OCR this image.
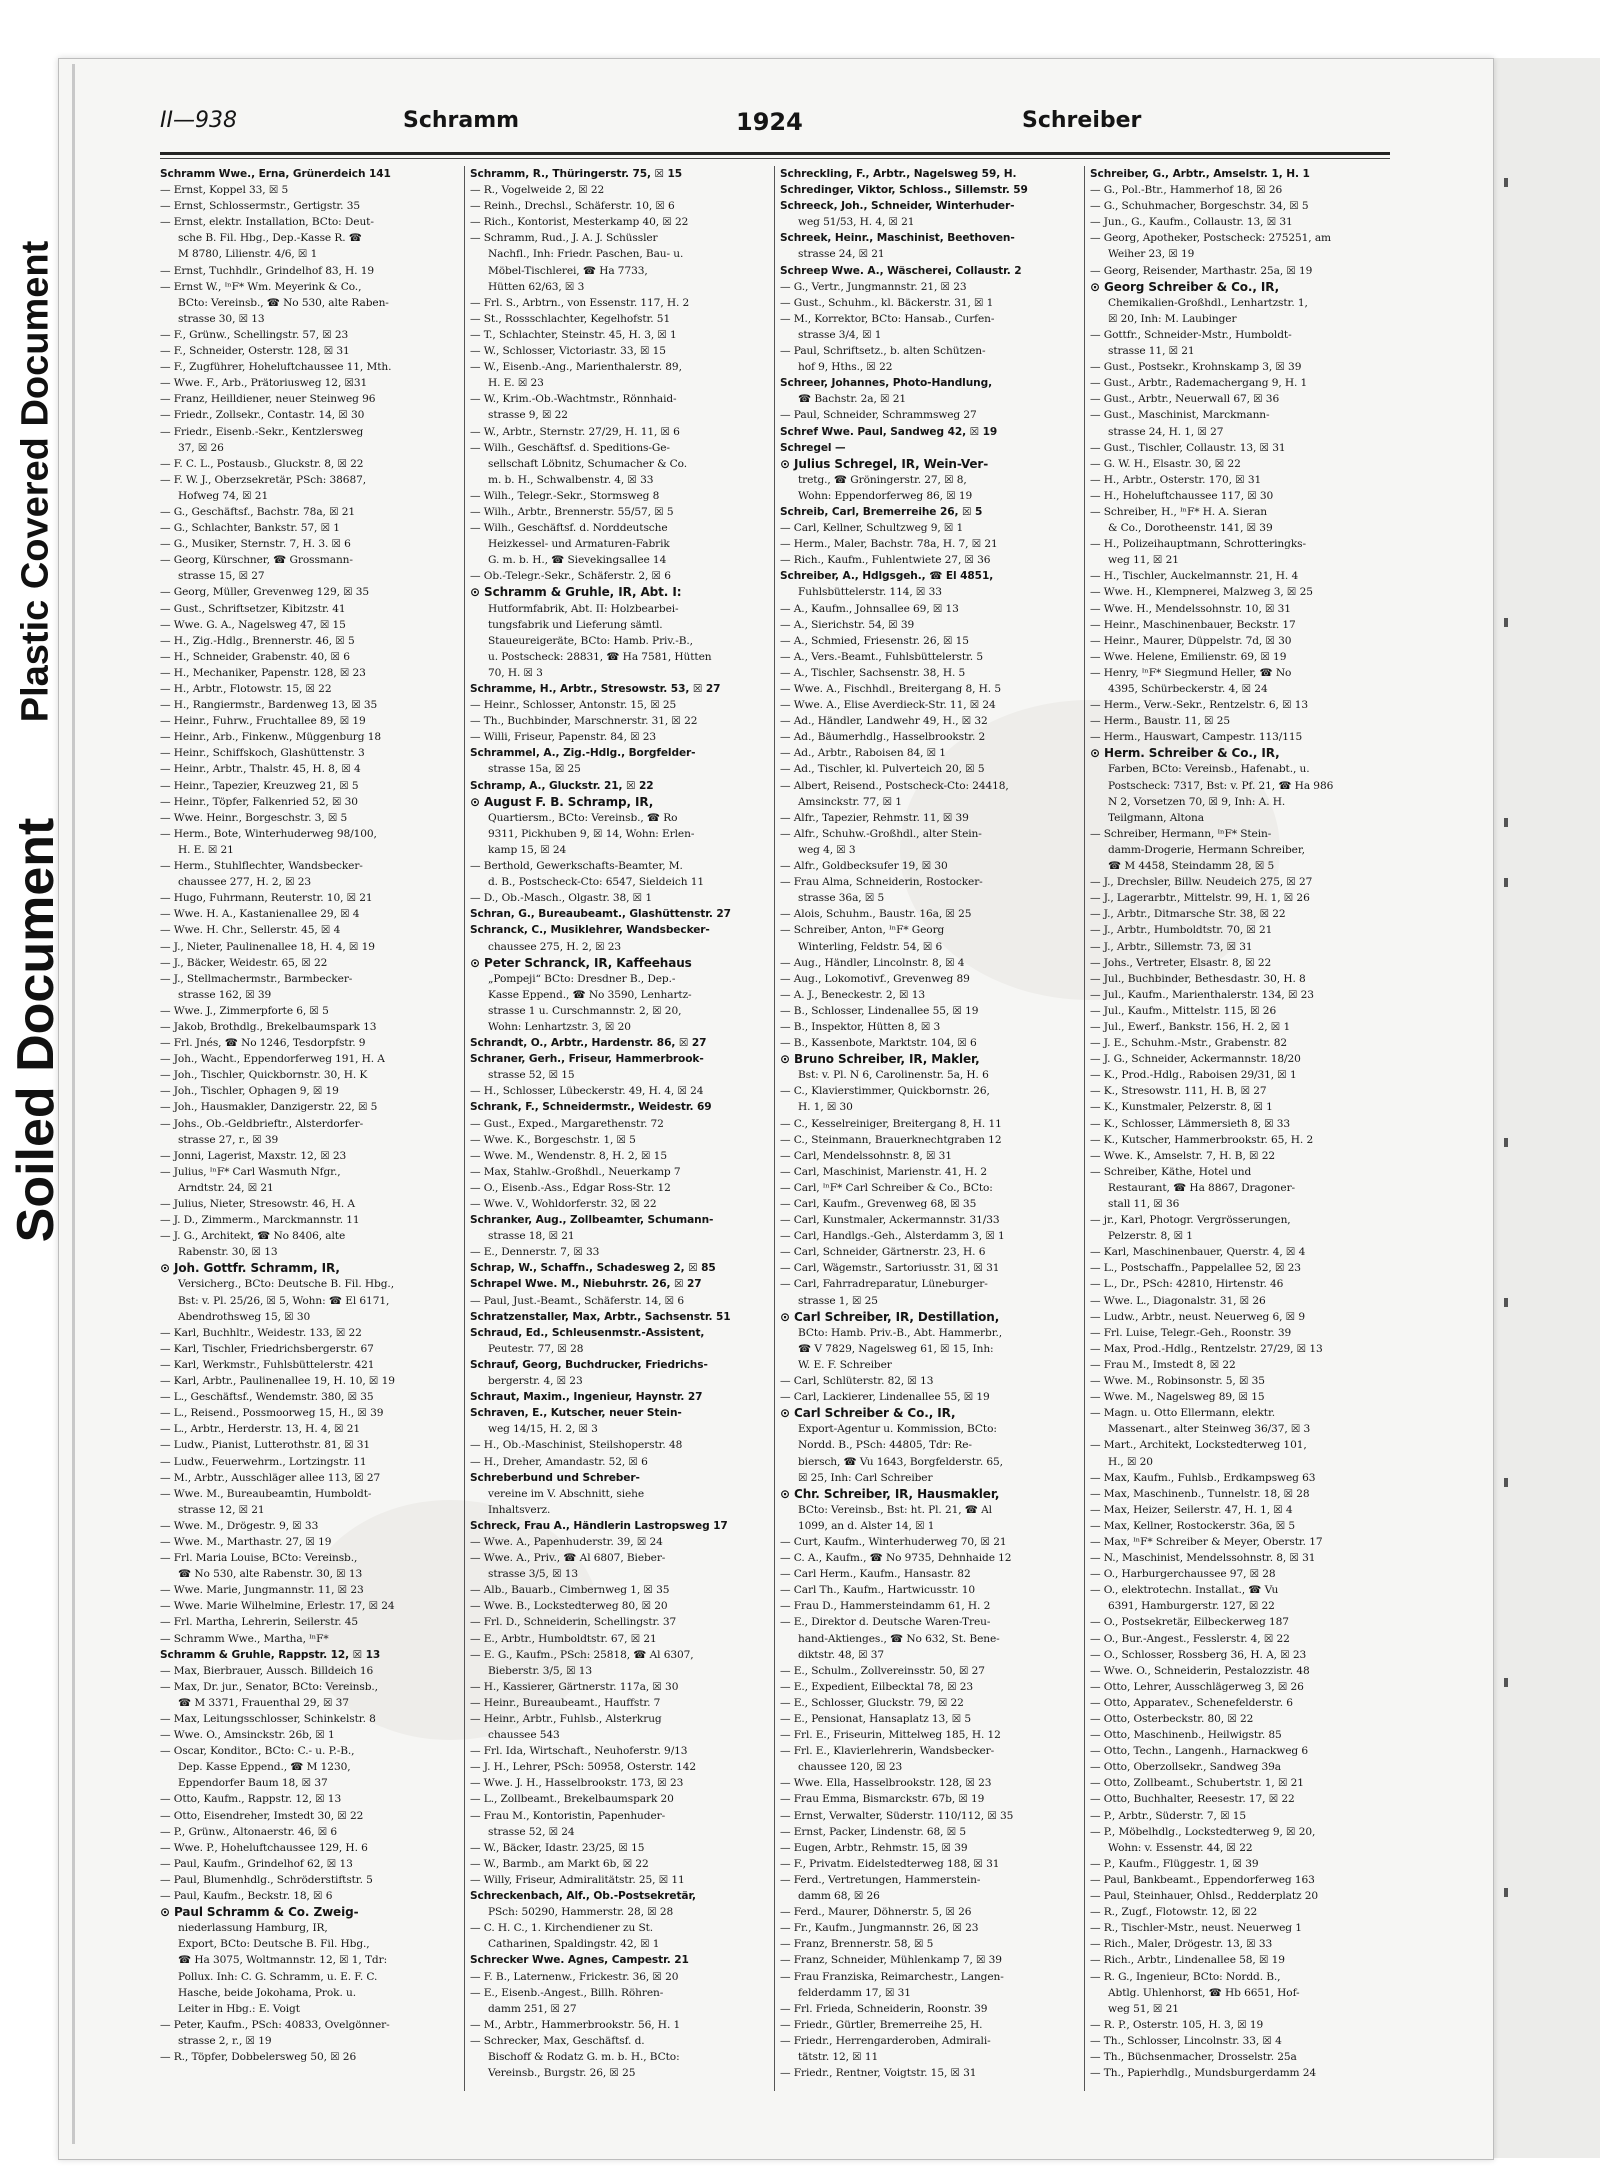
Plastic Covered Document
Soiled Document
II—938	Schramm	1924	Schreiber
Schramm Wwe., Erna, Grünerdeich 141
— Ernst, Koppel 33, ☒ 5
— Ernst, Schlossermstr., Gertigstr. 35
— Ernst, elektr. Installation, BCto: Deut-
sche B. Fil. Hbg., Dep.-Kasse R. ☎
M 8780, Lilienstr. 4/6, ☒ 1
— Ernst, Tuchhdlr., Grindelhof 83, H. 19
— Ernst W., ᴵⁿF* Wm. Meyerink & Co.,
BCto: Vereinsb., ☎ No 530, alte Raben-
strasse 30, ☒ 13
— F., Grünw., Schellingstr. 57, ☒ 23
— F., Schneider, Osterstr. 128, ☒ 31
— F., Zugführer, Hoheluftchaussee 11, Mth.
— Wwe. F., Arb., Prätoriusweg 12, ☒31
— Franz, Heilldiener, neuer Steinweg 96
— Friedr., Zollsekr., Contastr. 14, ☒ 30
— Friedr., Eisenb.-Sekr., Kentzlersweg
37, ☒ 26
— F. C. L., Postausb., Gluckstr. 8, ☒ 22
— F. W. J., Oberzsekretär, PSch: 38687,
Hofweg 74, ☒ 21
— G., Geschäftsf., Bachstr. 78a, ☒ 21
— G., Schlachter, Bankstr. 57, ☒ 1
— G., Musiker, Sternstr. 7, H. 3. ☒ 6
— Georg, Kürschner, ☎ Grossmann-
strasse 15, ☒ 27
— Georg, Müller, Grevenweg 129, ☒ 35
— Gust., Schriftsetzer, Kibitzstr. 41
— Wwe. G. A., Nagelsweg 47, ☒ 15
— H., Zig.-Hdlg., Brennerstr. 46, ☒ 5
— H., Schneider, Grabenstr. 40, ☒ 6
— H., Mechaniker, Papenstr. 128, ☒ 23
— H., Arbtr., Flotowstr. 15, ☒ 22
— H., Rangiermstr., Bardenweg 13, ☒ 35
— Heinr., Fuhrw., Fruchtallee 89, ☒ 19
— Heinr., Arb., Finkenw., Müggenburg 18
— Heinr., Schiffskoch, Glashüttenstr. 3
— Heinr., Arbtr., Thalstr. 45, H. 8, ☒ 4
— Heinr., Tapezier, Kreuzweg 21, ☒ 5
— Heinr., Töpfer, Falkenried 52, ☒ 30
— Wwe. Heinr., Borgeschstr. 3, ☒ 5
— Herm., Bote, Winterhuderweg 98/100,
H. E. ☒ 21
— Herm., Stuhlflechter, Wandsbecker-
chaussee 277, H. 2, ☒ 23
— Hugo, Fuhrmann, Reuterstr. 10, ☒ 21
— Wwe. H. A., Kastanienallee 29, ☒ 4
— Wwe. H. Chr., Sellerstr. 45, ☒ 4
— J., Nieter, Paulinenallee 18, H. 4, ☒ 19
— J., Bäcker, Weidestr. 65, ☒ 22
— J., Stellmachermstr., Barmbecker-
strasse 162, ☒ 39
— Wwe. J., Zimmerpforte 6, ☒ 5
— Jakob, Brothdlg., Brekelbaumspark 13
— Frl. Jnés, ☎ No 1246, Tesdorpfstr. 9
— Joh., Wacht., Eppendorferweg 191, H. A
— Joh., Tischler, Quickbornstr. 30, H. K
— Joh., Tischler, Ophagen 9, ☒ 19
— Joh., Hausmakler, Danzigerstr. 22, ☒ 5
— Johs., Ob.-Geldbrieftr., Alsterdorfer-
strasse 27, r., ☒ 39
— Jonni, Lagerist, Maxstr. 12, ☒ 23
— Julius, ᴵⁿF* Carl Wasmuth Nfgr.,
Arndtstr. 24, ☒ 21
— Julius, Nieter, Stresowstr. 46, H. A
— J. D., Zimmerm., Marckmannstr. 11
— J. G., Architekt, ☎ No 8406, alte
Rabenstr. 30, ☒ 13
⊙ Joh. Gottfr. Schramm, IR,
Versicherg., BCto: Deutsche B. Fil. Hbg.,
Bst: v. Pl. 25/26, ☒ 5, Wohn: ☎ El 6171,
Abendrothsweg 15, ☒ 30
— Karl, Buchhltr., Weidestr. 133, ☒ 22
— Karl, Tischler, Friedrichsbergerstr. 67
— Karl, Werkmstr., Fuhlsbüttelerstr. 421
— Karl, Arbtr., Paulinenallee 19, H. 10, ☒ 19
— L., Geschäftsf., Wendemstr. 380, ☒ 35
— L., Reisend., Possmoorweg 15, H., ☒ 39
— L., Arbtr., Herderstr. 13, H. 4, ☒ 21
— Ludw., Pianist, Lutterothstr. 81, ☒ 31
— Ludw., Feuerwehrm., Lortzingstr. 11
— M., Arbtr., Ausschläger allee 113, ☒ 27
— Wwe. M., Bureaubeamtin, Humboldt-
strasse 12, ☒ 21
— Wwe. M., Drögestr. 9, ☒ 33
— Wwe. M., Marthastr. 27, ☒ 19
— Frl. Maria Louise, BCto: Vereinsb.,
☎ No 530, alte Rabenstr. 30, ☒ 13
— Wwe. Marie, Jungmannstr. 11, ☒ 23
— Wwe. Marie Wilhelmine, Erlestr. 17, ☒ 24
— Frl. Martha, Lehrerin, Seilerstr. 45
— Schramm Wwe., Martha, ᴵⁿF*
Schramm & Gruhle, Rappstr. 12, ☒ 13
— Max, Bierbrauer, Aussch. Billdeich 16
— Max, Dr. jur., Senator, BCto: Vereinsb.,
☎ M 3371, Frauenthal 29, ☒ 37
— Max, Leitungsschlosser, Schinkelstr. 8
— Wwe. O., Amsinckstr. 26b, ☒ 1
— Oscar, Konditor., BCto: C.- u. P.-B.,
Dep. Kasse Eppend., ☎ M 1230,
Eppendorfer Baum 18, ☒ 37
— Otto, Kaufm., Rappstr. 12, ☒ 13
— Otto, Eisendreher, Imstedt 30, ☒ 22
— P., Grünw., Altonaerstr. 46, ☒ 6
— Wwe. P., Hoheluftchaussee 129, H. 6
— Paul, Kaufm., Grindelhof 62, ☒ 13
— Paul, Blumenhdlg., Schröderstiftstr. 5
— Paul, Kaufm., Beckstr. 18, ☒ 6
⊙ Paul Schramm & Co. Zweig-
niederlassung Hamburg, IR,
Export, BCto: Deutsche B. Fil. Hbg.,
☎ Ha 3075, Woltmannstr. 12, ☒ 1, Tdr:
Pollux. Inh: C. G. Schramm, u. E. F. C.
Hasche, beide Jokohama, Prok. u.
Leiter in Hbg.: E. Voigt
— Peter, Kaufm., PSch: 40833, Ovelgönner-
strasse 2, r., ☒ 19
— R., Töpfer, Dobbelersweg 50, ☒ 26
Schramm, R., Thüringerstr. 75, ☒ 15
— R., Vogelweide 2, ☒ 22
— Reinh., Drechsl., Schäferstr. 10, ☒ 6
— Rich., Kontorist, Mesterkamp 40, ☒ 22
— Schramm, Rud., J. A. J. Schüssler
Nachfl., Inh: Friedr. Paschen, Bau- u.
Möbel-Tischlerei, ☎ Ha 7733,
Hütten 62/63, ☒ 3
— Frl. S., Arbtrn., von Essenstr. 117, H. 2
— St., Rossschlachter, Kegelhofstr. 51
— T., Schlachter, Steinstr. 45, H. 3, ☒ 1
— W., Schlosser, Victoriastr. 33, ☒ 15
— W., Eisenb.-Ang., Marienthalerstr. 89,
H. E. ☒ 23
— W., Krim.-Ob.-Wachtmstr., Rönnhaid-
strasse 9, ☒ 22
— W., Arbtr., Sternstr. 27/29, H. 11, ☒ 6
— Wilh., Geschäftsf. d. Speditions-Ge-
sellschaft Löbnitz, Schumacher & Co.
m. b. H., Schwalbenstr. 4, ☒ 33
— Wilh., Telegr.-Sekr., Stormsweg 8
— Wilh., Arbtr., Brennerstr. 55/57, ☒ 5
— Wilh., Geschäftsf. d. Norddeutsche
Heizkessel- und Armaturen-Fabrik
G. m. b. H., ☎ Sievekingsallee 14
— Ob.-Telegr.-Sekr., Schäferstr. 2, ☒ 6
⊙ Schramm & Gruhle, IR, Abt. I:
Hutformfabrik, Abt. II: Holzbearbei-
tungsfabrik und Lieferung sämtl.
Staueureigeräte, BCto: Hamb. Priv.-B.,
u. Postscheck: 28831, ☎ Ha 7581, Hütten
70, H. ☒ 3
Schramme, H., Arbtr., Stresowstr. 53, ☒ 27
— Heinr., Schlosser, Antonstr. 15, ☒ 25
— Th., Buchbinder, Marschnerstr. 31, ☒ 22
— Willi, Friseur, Papenstr. 84, ☒ 23
Schrammel, A., Zig.-Hdlg., Borgfelder-
strasse 15a, ☒ 25
Schramp, A., Gluckstr. 21, ☒ 22
⊙ August F. B. Schramp, IR,
Quartiersm., BCto: Vereinsb., ☎ Ro
9311, Pickhuben 9, ☒ 14, Wohn: Erlen-
kamp 15, ☒ 24
— Berthold, Gewerkschafts-Beamter, M.
d. B., Postscheck-Cto: 6547, Sieldeich 11
— D., Ob.-Masch., Olgastr. 38, ☒ 1
Schran, G., Bureaubeamt., Glashüttenstr. 27
Schranck, C., Musiklehrer, Wandsbecker-
chaussee 275, H. 2, ☒ 23
⊙ Peter Schranck, IR, Kaffeehaus
„Pompeji“ BCto: Dresdner B., Dep.-
Kasse Eppend., ☎ No 3590, Lenhartz-
strasse 1 u. Curschmannstr. 2, ☒ 20,
Wohn: Lenhartzstr. 3, ☒ 20
Schrandt, O., Arbtr., Hardenstr. 86, ☒ 27
Schraner, Gerh., Friseur, Hammerbrook-
strasse 52, ☒ 15
— H., Schlosser, Lübeckerstr. 49, H. 4, ☒ 24
Schrank, F., Schneidermstr., Weidestr. 69
— Gust., Exped., Margarethenstr. 72
— Wwe. K., Borgeschstr. 1, ☒ 5
— Wwe. M., Wendenstr. 8, H. 2, ☒ 15
— Max, Stahlw.-Großhdl., Neuerkamp 7
— O., Eisenb.-Ass., Edgar Ross-Str. 12
— Wwe. V., Wohldorferstr. 32, ☒ 22
Schranker, Aug., Zollbeamter, Schumann-
strasse 18, ☒ 21
— E., Dennerstr. 7, ☒ 33
Schrap, W., Schaffn., Schadesweg 2, ☒ 85
Schrapel Wwe. M., Niebuhrstr. 26, ☒ 27
— Paul, Just.-Beamt., Schäferstr. 14, ☒ 6
Schratzenstaller, Max, Arbtr., Sachsenstr. 51
Schraud, Ed., Schleusenmstr.-Assistent,
Peutestr. 77, ☒ 28
Schrauf, Georg, Buchdrucker, Friedrichs-
bergerstr. 4, ☒ 23
Schraut, Maxim., Ingenieur, Haynstr. 27
Schraven, E., Kutscher, neuer Stein-
weg 14/15, H. 2, ☒ 3
— H., Ob.-Maschinist, Steilshoperstr. 48
— H., Dreher, Amandastr. 52, ☒ 6
Schreberbund und Schreber-
vereine im V. Abschnitt, siehe
Inhaltsverz.
Schreck, Frau A., Händlerin Lastropsweg 17
— Wwe. A., Papenhuderstr. 39, ☒ 24
— Wwe. A., Priv., ☎ Al 6807, Bieber-
strasse 3/5, ☒ 13
— Alb., Bauarb., Cimbernweg 1, ☒ 35
— Wwe. B., Lockstedterweg 80, ☒ 20
— Frl. D., Schneiderin, Schellingstr. 37
— E., Arbtr., Humboldtstr. 67, ☒ 21
— E. G., Kaufm., PSch: 25818, ☎ Al 6307,
Bieberstr. 3/5, ☒ 13
— H., Kassierer, Gärtnerstr. 117a, ☒ 30
— Heinr., Bureaubeamt., Hauffstr. 7
— Heinr., Arbtr., Fuhlsb., Alsterkrug
chaussee 543
— Frl. Ida, Wirtschaft., Neuhoferstr. 9/13
— J. H., Lehrer, PSch: 50958, Osterstr. 142
— Wwe. J. H., Hasselbrookstr. 173, ☒ 23
— L., Zollbeamt., Brekelbaumspark 20
— Frau M., Kontoristin, Papenhuder-
strasse 52, ☒ 24
— W., Bäcker, Idastr. 23/25, ☒ 15
— W., Barmb., am Markt 6b, ☒ 22
— Willy, Friseur, Admiralitätstr. 25, ☒ 11
Schreckenbach, Alf., Ob.-Postsekretär,
PSch: 50290, Hammerstr. 28, ☒ 28
— C. H. C., 1. Kirchendiener zu St.
Catharinen, Spaldingstr. 42, ☒ 1
Schrecker Wwe. Agnes, Campestr. 21
— F. B., Laternenw., Frickestr. 36, ☒ 20
— E., Eisenb.-Angest., Billh. Röhren-
damm 251, ☒ 27
— M., Arbtr., Hammerbrookstr. 56, H. 1
— Schrecker, Max, Geschäftsf. d.
Bischoff & Rodatz G. m. b. H., BCto:
Vereinsb., Burgstr. 26, ☒ 25
Schreckling, F., Arbtr., Nagelsweg 59, H.
Schredinger, Viktor, Schloss., Sillemstr. 59
Schreeck, Joh., Schneider, Winterhuder-
weg 51/53, H. 4, ☒ 21
Schreek, Heinr., Maschinist, Beethoven-
strasse 24, ☒ 21
Schreep Wwe. A., Wäscherei, Collaustr. 2
— G., Vertr., Jungmannstr. 21, ☒ 23
— Gust., Schuhm., kl. Bäckerstr. 31, ☒ 1
— M., Korrektor, BCto: Hansab., Curfen-
strasse 3/4, ☒ 1
— Paul, Schriftsetz., b. alten Schützen-
hof 9, Hths., ☒ 22
Schreer, Johannes, Photo-Handlung,
☎ Bachstr. 2a, ☒ 21
— Paul, Schneider, Schrammsweg 27
Schref Wwe. Paul, Sandweg 42, ☒ 19
Schregel —
⊙ Julius Schregel, IR, Wein-Ver-
tretg., ☎ Gröningerstr. 27, ☒ 8,
Wohn: Eppendorferweg 86, ☒ 19
Schreib, Carl, Bremerreihe 26, ☒ 5
— Carl, Kellner, Schultzweg 9, ☒ 1
— Herm., Maler, Bachstr. 78a, H. 7, ☒ 21
— Rich., Kaufm., Fuhlentwiete 27, ☒ 36
Schreiber, A., Hdlgsgeh., ☎ El 4851,
Fuhlsbüttelerstr. 114, ☒ 33
— A., Kaufm., Johnsallee 69, ☒ 13
— A., Sierichstr. 54, ☒ 39
— A., Schmied, Friesenstr. 26, ☒ 15
— A., Vers.-Beamt., Fuhlsbüttelerstr. 5
— A., Tischler, Sachsenstr. 38, H. 5
— Wwe. A., Fischhdl., Breitergang 8, H. 5
— Wwe. A., Elise Averdieck-Str. 11, ☒ 24
— Ad., Händler, Landwehr 49, H., ☒ 32
— Ad., Bäumerhdlg., Hasselbrookstr. 2
— Ad., Arbtr., Raboisen 84, ☒ 1
— Ad., Tischler, kl. Pulverteich 20, ☒ 5
— Albert, Reisend., Postscheck-Cto: 24418,
Amsinckstr. 77, ☒ 1
— Alfr., Tapezier, Rehmstr. 11, ☒ 39
— Alfr., Schuhw.-Großhdl., alter Stein-
weg 4, ☒ 3
— Alfr., Goldbecksufer 19, ☒ 30
— Frau Alma, Schneiderin, Rostocker-
strasse 36a, ☒ 5
— Alois, Schuhm., Baustr. 16a, ☒ 25
— Schreiber, Anton, ᴵⁿF* Georg
Winterling, Feldstr. 54, ☒ 6
— Aug., Händler, Lincolnstr. 8, ☒ 4
— Aug., Lokomotivf., Grevenweg 89
— A. J., Beneckestr. 2, ☒ 13
— B., Schlosser, Lindenallee 55, ☒ 19
— B., Inspektor, Hütten 8, ☒ 3
— B., Kassenbote, Marktstr. 104, ☒ 6
⊙ Bruno Schreiber, IR, Makler,
Bst: v. Pl. N 6, Carolinenstr. 5a, H. 6
— C., Klavierstimmer, Quickbornstr. 26,
H. 1, ☒ 30
— C., Kesselreiniger, Breitergang 8, H. 11
— C., Steinmann, Brauerknechtgraben 12
— Carl, Mendelssohnstr. 8, ☒ 31
— Carl, Maschinist, Marienstr. 41, H. 2
— Carl, ᴵⁿF* Carl Schreiber & Co., BCto:
— Carl, Kaufm., Grevenweg 68, ☒ 35
— Carl, Kunstmaler, Ackermannstr. 31/33
— Carl, Handlgs.-Geh., Alsterdamm 3, ☒ 1
— Carl, Schneider, Gärtnerstr. 23, H. 6
— Carl, Wägemstr., Sartoriusstr. 31, ☒ 31
— Carl, Fahrradreparatur, Lüneburger-
strasse 1, ☒ 25
⊙ Carl Schreiber, IR, Destillation,
BCto: Hamb. Priv.-B., Abt. Hammerbr.,
☎ V 7829, Nagelsweg 61, ☒ 15, Inh:
W. E. F. Schreiber
— Carl, Schlüterstr. 82, ☒ 13
— Carl, Lackierer, Lindenallee 55, ☒ 19
⊙ Carl Schreiber & Co., IR,
Export-Agentur u. Kommission, BCto:
Nordd. B., PSch: 44805, Tdr: Re-
biersch, ☎ Vu 1643, Borgfelderstr. 65,
☒ 25, Inh: Carl Schreiber
⊙ Chr. Schreiber, IR, Hausmakler,
BCto: Vereinsb., Bst: ht. Pl. 21, ☎ Al
1099, an d. Alster 14, ☒ 1
— Curt, Kaufm., Winterhuderweg 70, ☒ 21
— C. A., Kaufm., ☎ No 9735, Dehnhaide 12
— Carl Herm., Kaufm., Hansastr. 82
— Carl Th., Kaufm., Hartwicusstr. 10
— Frau D., Hammersteindamm 61, H. 2
— E., Direktor d. Deutsche Waren-Treu-
hand-Aktienges., ☎ No 632, St. Bene-
diktstr. 48, ☒ 37
— E., Schulm., Zollvereinsstr. 50, ☒ 27
— E., Expedient, Eilbecktal 78, ☒ 23
— E., Schlosser, Gluckstr. 79, ☒ 22
— E., Pensionat, Hansaplatz 13, ☒ 5
— Frl. E., Friseurin, Mittelweg 185, H. 12
— Frl. E., Klavierlehrerin, Wandsbecker-
chaussee 120, ☒ 23
— Wwe. Ella, Hasselbrookstr. 128, ☒ 23
— Frau Emma, Bismarckstr. 67b, ☒ 19
— Ernst, Verwalter, Süderstr. 110/112, ☒ 35
— Ernst, Packer, Lindenstr. 68, ☒ 5
— Eugen, Arbtr., Rehmstr. 15, ☒ 39
— F., Privatm. Eidelstedterweg 188, ☒ 31
— Ferd., Vertretungen, Hammerstein-
damm 68, ☒ 26
— Ferd., Maurer, Döhnerstr. 5, ☒ 26
— Fr., Kaufm., Jungmannstr. 26, ☒ 23
— Franz, Brennerstr. 58, ☒ 5
— Franz, Schneider, Mühlenkamp 7, ☒ 39
— Frau Franziska, Reimarchestr., Langen-
felderdamm 17, ☒ 31
— Frl. Frieda, Schneiderin, Roonstr. 39
— Friedr., Gürtler, Bremerreihe 25, H.
— Friedr., Herrengarderoben, Admirali-
tätstr. 12, ☒ 11
— Friedr., Rentner, Voigtstr. 15, ☒ 31
Schreiber, G., Arbtr., Amselstr. 1, H. 1
— G., Pol.-Btr., Hammerhof 18, ☒ 26
— G., Schuhmacher, Borgeschstr. 34, ☒ 5
— Jun., G., Kaufm., Collaustr. 13, ☒ 31
— Georg, Apotheker, Postscheck: 275251, am
Weiher 23, ☒ 19
— Georg, Reisender, Marthastr. 25a, ☒ 19
⊙ Georg Schreiber & Co., IR,
Chemikalien-Großhdl., Lenhartzstr. 1,
☒ 20, Inh: M. Laubinger
— Gottfr., Schneider-Mstr., Humboldt-
strasse 11, ☒ 21
— Gust., Postsekr., Krohnskamp 3, ☒ 39
— Gust., Arbtr., Rademachergang 9, H. 1
— Gust., Arbtr., Neuerwall 67, ☒ 36
— Gust., Maschinist, Marckmann-
strasse 24, H. 1, ☒ 27
— Gust., Tischler, Collaustr. 13, ☒ 31
— G. W. H., Elsastr. 30, ☒ 22
— H., Arbtr., Osterstr. 170, ☒ 31
— H., Hoheluftchaussee 117, ☒ 30
— Schreiber, H., ᴵⁿF* H. A. Sieran
& Co., Dorotheenstr. 141, ☒ 39
— H., Polizeihauptmann, Schrotteringks-
weg 11, ☒ 21
— H., Tischler, Auckelmannstr. 21, H. 4
— Wwe. H., Klempnerei, Malzweg 3, ☒ 25
— Wwe. H., Mendelssohnstr. 10, ☒ 31
— Heinr., Maschinenbauer, Beckstr. 17
— Heinr., Maurer, Düppelstr. 7d, ☒ 30
— Wwe. Helene, Emilienstr. 69, ☒ 19
— Henry, ᴵⁿF* Siegmund Heller, ☎ No
4395, Schürbeckerstr. 4, ☒ 24
— Herm., Verw.-Sekr., Rentzelstr. 6, ☒ 13
— Herm., Baustr. 11, ☒ 25
— Herm., Hauswart, Campestr. 113/115
⊙ Herm. Schreiber & Co., IR,
Farben, BCto: Vereinsb., Hafenabt., u.
Postscheck: 7317, Bst: v. Pf. 21, ☎ Ha 986
N 2, Vorsetzen 70, ☒ 9, Inh: A. H.
Teilgmann, Altona
— Schreiber, Hermann, ᴵⁿF* Stein-
damm-Drogerie, Hermann Schreiber,
☎ M 4458, Steindamm 28, ☒ 5
— J., Drechsler, Billw. Neudeich 275, ☒ 27
— J., Lagerarbtr., Mittelstr. 99, H. 1, ☒ 26
— J., Arbtr., Ditmarsche Str. 38, ☒ 22
— J., Arbtr., Humboldtstr. 70, ☒ 21
— J., Arbtr., Sillemstr. 73, ☒ 31
— Johs., Vertreter, Elsastr. 8, ☒ 22
— Jul., Buchbinder, Bethesdastr. 30, H. 8
— Jul., Kaufm., Marienthalerstr. 134, ☒ 23
— Jul., Kaufm., Mittelstr. 115, ☒ 26
— Jul., Ewerf., Bankstr. 156, H. 2, ☒ 1
— J. E., Schuhm.-Mstr., Grabenstr. 82
— J. G., Schneider, Ackermannstr. 18/20
— K., Prod.-Hdlg., Raboisen 29/31, ☒ 1
— K., Stresowstr. 111, H. B, ☒ 27
— K., Kunstmaler, Pelzerstr. 8, ☒ 1
— K., Schlosser, Lämmersieth 8, ☒ 33
— K., Kutscher, Hammerbrookstr. 65, H. 2
— Wwe. K., Amselstr. 7, H. B, ☒ 22
— Schreiber, Käthe, Hotel und
Restaurant, ☎ Ha 8867, Dragoner-
stall 11, ☒ 36
— jr., Karl, Photogr. Vergrösserungen,
Pelzerstr. 8, ☒ 1
— Karl, Maschinenbauer, Querstr. 4, ☒ 4
— L., Postschaffn., Pappelallee 52, ☒ 23
— L., Dr., PSch: 42810, Hirtenstr. 46
— Wwe. L., Diagonalstr. 31, ☒ 26
— Ludw., Arbtr., neust. Neuerweg 6, ☒ 9
— Frl. Luise, Telegr.-Geh., Roonstr. 39
— Max, Prod.-Hdlg., Rentzelstr. 27/29, ☒ 13
— Frau M., Imstedt 8, ☒ 22
— Wwe. M., Robinsonstr. 5, ☒ 35
— Wwe. M., Nagelsweg 89, ☒ 15
— Magn. u. Otto Ellermann, elektr.
Massenart., alter Steinweg 36/37, ☒ 3
— Mart., Architekt, Lockstedterweg 101,
H., ☒ 20
— Max, Kaufm., Fuhlsb., Erdkampsweg 63
— Max, Maschinenb., Tunnelstr. 18, ☒ 28
— Max, Heizer, Seilerstr. 47, H. 1, ☒ 4
— Max, Kellner, Rostockerstr. 36a, ☒ 5
— Max, ᴵⁿF* Schreiber & Meyer, Oberstr. 17
— N., Maschinist, Mendelssohnstr. 8, ☒ 31
— O., Harburgerchaussee 97, ☒ 28
— O., elektrotechn. Installat., ☎ Vu
6391, Hamburgerstr. 127, ☒ 22
— O., Postsekretär, Eilbeckerweg 187
— O., Bur.-Angest., Fesslerstr. 4, ☒ 22
— O., Schlosser, Rossberg 36, H. A, ☒ 23
— Wwe. O., Schneiderin, Pestalozzistr. 48
— Otto, Lehrer, Ausschlägerweg 3, ☒ 26
— Otto, Apparatev., Schenefelderstr. 6
— Otto, Osterbeckstr. 80, ☒ 22
— Otto, Maschinenb., Heilwigstr. 85
— Otto, Techn., Langenh., Harnackweg 6
— Otto, Oberzollsekr., Sandweg 39a
— Otto, Zollbeamt., Schubertstr. 1, ☒ 21
— Otto, Buchhalter, Reesestr. 17, ☒ 22
— P., Arbtr., Süderstr. 7, ☒ 15
— P., Möbelhdlg., Lockstedterweg 9, ☒ 20,
Wohn: v. Essenstr. 44, ☒ 22
— P., Kaufm., Flüggestr. 1, ☒ 39
— Paul, Bankbeamt., Eppendorferweg 163
— Paul, Steinhauer, Ohlsd., Redderplatz 20
— R., Zugf., Flotowstr. 12, ☒ 22
— R., Tischler-Mstr., neust. Neuerweg 1
— Rich., Maler, Drögestr. 13, ☒ 33
— Rich., Arbtr., Lindenallee 58, ☒ 19
— R. G., Ingenieur, BCto: Nordd. B.,
Abtlg. Uhlenhorst, ☎ Hb 6651, Hof-
weg 51, ☒ 21
— R. P., Osterstr. 105, H. 3, ☒ 19
— Th., Schlosser, Lincolnstr. 33, ☒ 4
— Th., Büchsenmacher, Drosselstr. 25a
— Th., Papierhdlg., Mundsburgerdamm 24
